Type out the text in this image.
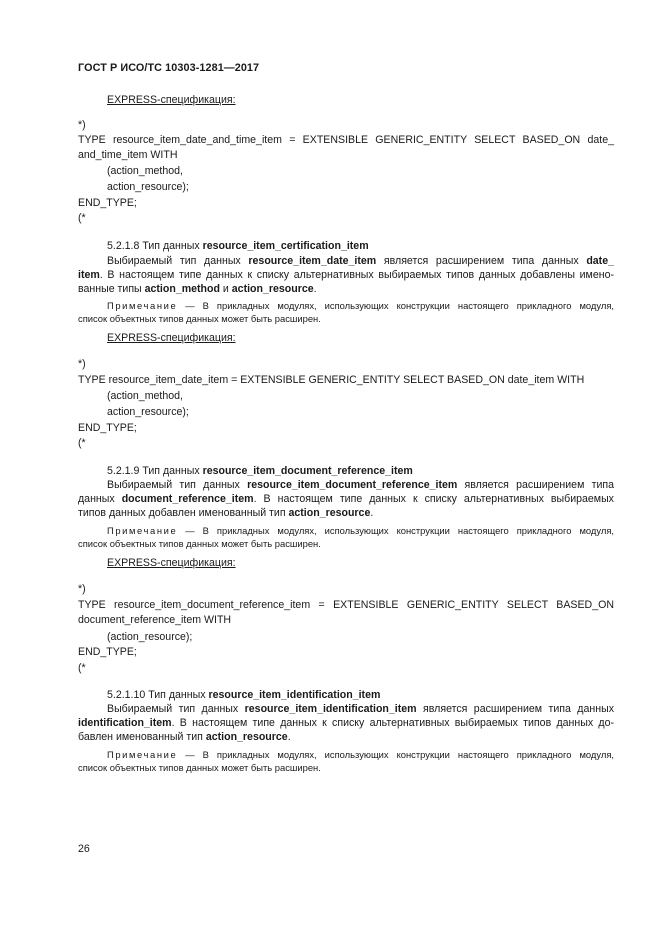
ГОСТ Р ИСО/ТС 10303-1281—2017
EXPRESS-спецификация:
*)
TYPE resource_item_date_and_time_item = EXTENSIBLE GENERIC_ENTITY SELECT BASED_ON date_
and_time_item WITH
(action_method,
action_resource);
END_TYPE;
(*
5.2.1.8 Тип данных resource_item_certification_item
Выбираемый тип данных resource_item_date_item является расширением типа данных date_
item. В настоящем типе данных к списку альтернативных выбираемых типов данных добавлены имено-
ванные типы action_method и action_resource.
Примечание — В прикладных модулях, использующих конструкции настоящего прикладного модуля,
список объектных типов данных может быть расширен.
EXPRESS-спецификация:
*)
TYPE resource_item_date_item = EXTENSIBLE GENERIC_ENTITY SELECT BASED_ON date_item WITH
(action_method,
action_resource);
END_TYPE;
(*
5.2.1.9 Тип данных resource_item_document_reference_item
Выбираемый тип данных resource_item_document_reference_item является расширением типа
данных document_reference_item. В настоящем типе данных к списку альтернативных выбираемых
типов данных добавлен именованный тип action_resource.
Примечание — В прикладных модулях, использующих конструкции настоящего прикладного модуля,
список объектных типов данных может быть расширен.
EXPRESS-спецификация:
*)
TYPE resource_item_document_reference_item = EXTENSIBLE GENERIC_ENTITY SELECT BASED_ON
document_reference_item WITH
(action_resource);
END_TYPE;
(*
5.2.1.10 Тип данных resource_item_identification_item
Выбираемый тип данных resource_item_identification_item является расширением типа данных
identification_item. В настоящем типе данных к списку альтернативных выбираемых типов данных до-
бавлен именованный тип action_resource.
Примечание — В прикладных модулях, использующих конструкции настоящего прикладного модуля,
список объектных типов данных может быть расширен.
26
